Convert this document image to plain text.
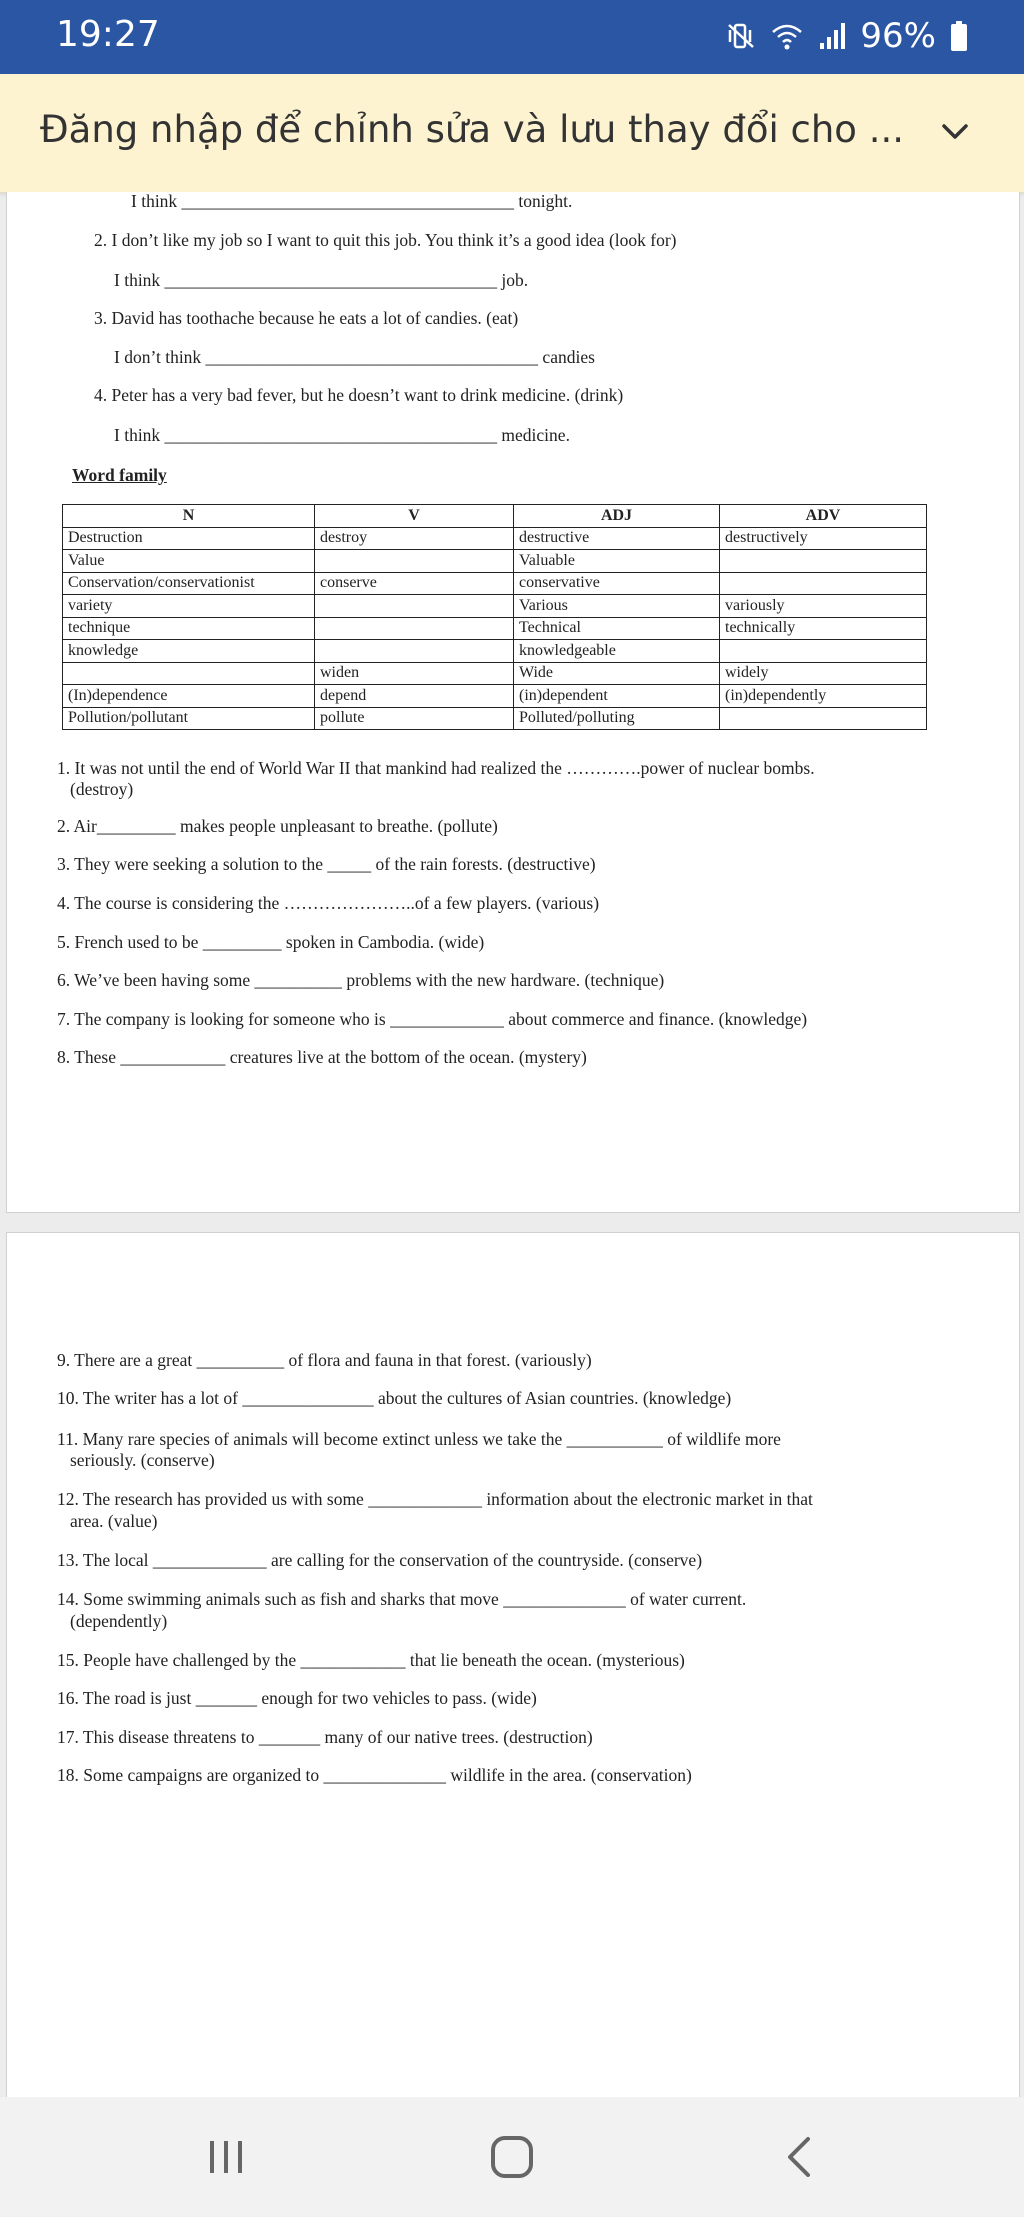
19:27	96%
Đăng nhập để chỉnh sửa và lưu thay đổi cho ...
I think ______________________________________ tonight.
2. I don’t like my job so I want to quit this job. You think it’s a good idea (look for)
I think ______________________________________ job.
3. David has toothache because he eats a lot of candies. (eat)
I don’t think ______________________________________ candies
4. Peter has a very bad fever, but he doesn’t want to drink medicine. (drink)
I think ______________________________________ medicine.
Word family
N	V	ADJ	ADV
Destruction	destroy	destructive	destructively
Value		Valuable	
Conservation/conservationist	conserve	conservative	
variety		Various	variously
technique		Technical	technically
knowledge		knowledgeable	
	widen	Wide	widely
(In)dependence	depend	(in)dependent	(in)dependently
Pollution/pollutant	pollute	Polluted/polluting	
1. It was not until the end of World War II that mankind had realized the ………….power of nuclear bombs.
(destroy)
2. Air_________ makes people unpleasant to breathe. (pollute)
3. They were seeking a solution to the _____ of the rain forests. (destructive)
4. The course is considering the …………………..of a few players. (various)
5. French used to be _________ spoken in Cambodia. (wide)
6. We’ve been having some __________ problems with the new hardware. (technique)
7. The company is looking for someone who is _____________ about commerce and finance. (knowledge)
8. These ____________ creatures live at the bottom of the ocean. (mystery)
9. There are a great __________ of flora and fauna in that forest. (variously)
10. The writer has a lot of _______________ about the cultures of Asian countries. (knowledge)
11. Many rare species of animals will become extinct unless we take the ___________ of wildlife more
seriously. (conserve)
12. The research has provided us with some _____________ information about the electronic market in that
area. (value)
13. The local _____________ are calling for the conservation of the countryside. (conserve)
14. Some swimming animals such as fish and sharks that move ______________ of water current.
(dependently)
15. People have challenged by the ____________ that lie beneath the ocean. (mysterious)
16. The road is just _______ enough for two vehicles to pass. (wide)
17. This disease threatens to _______ many of our native trees. (destruction)
18. Some campaigns are organized to ______________ wildlife in the area. (conservation)
